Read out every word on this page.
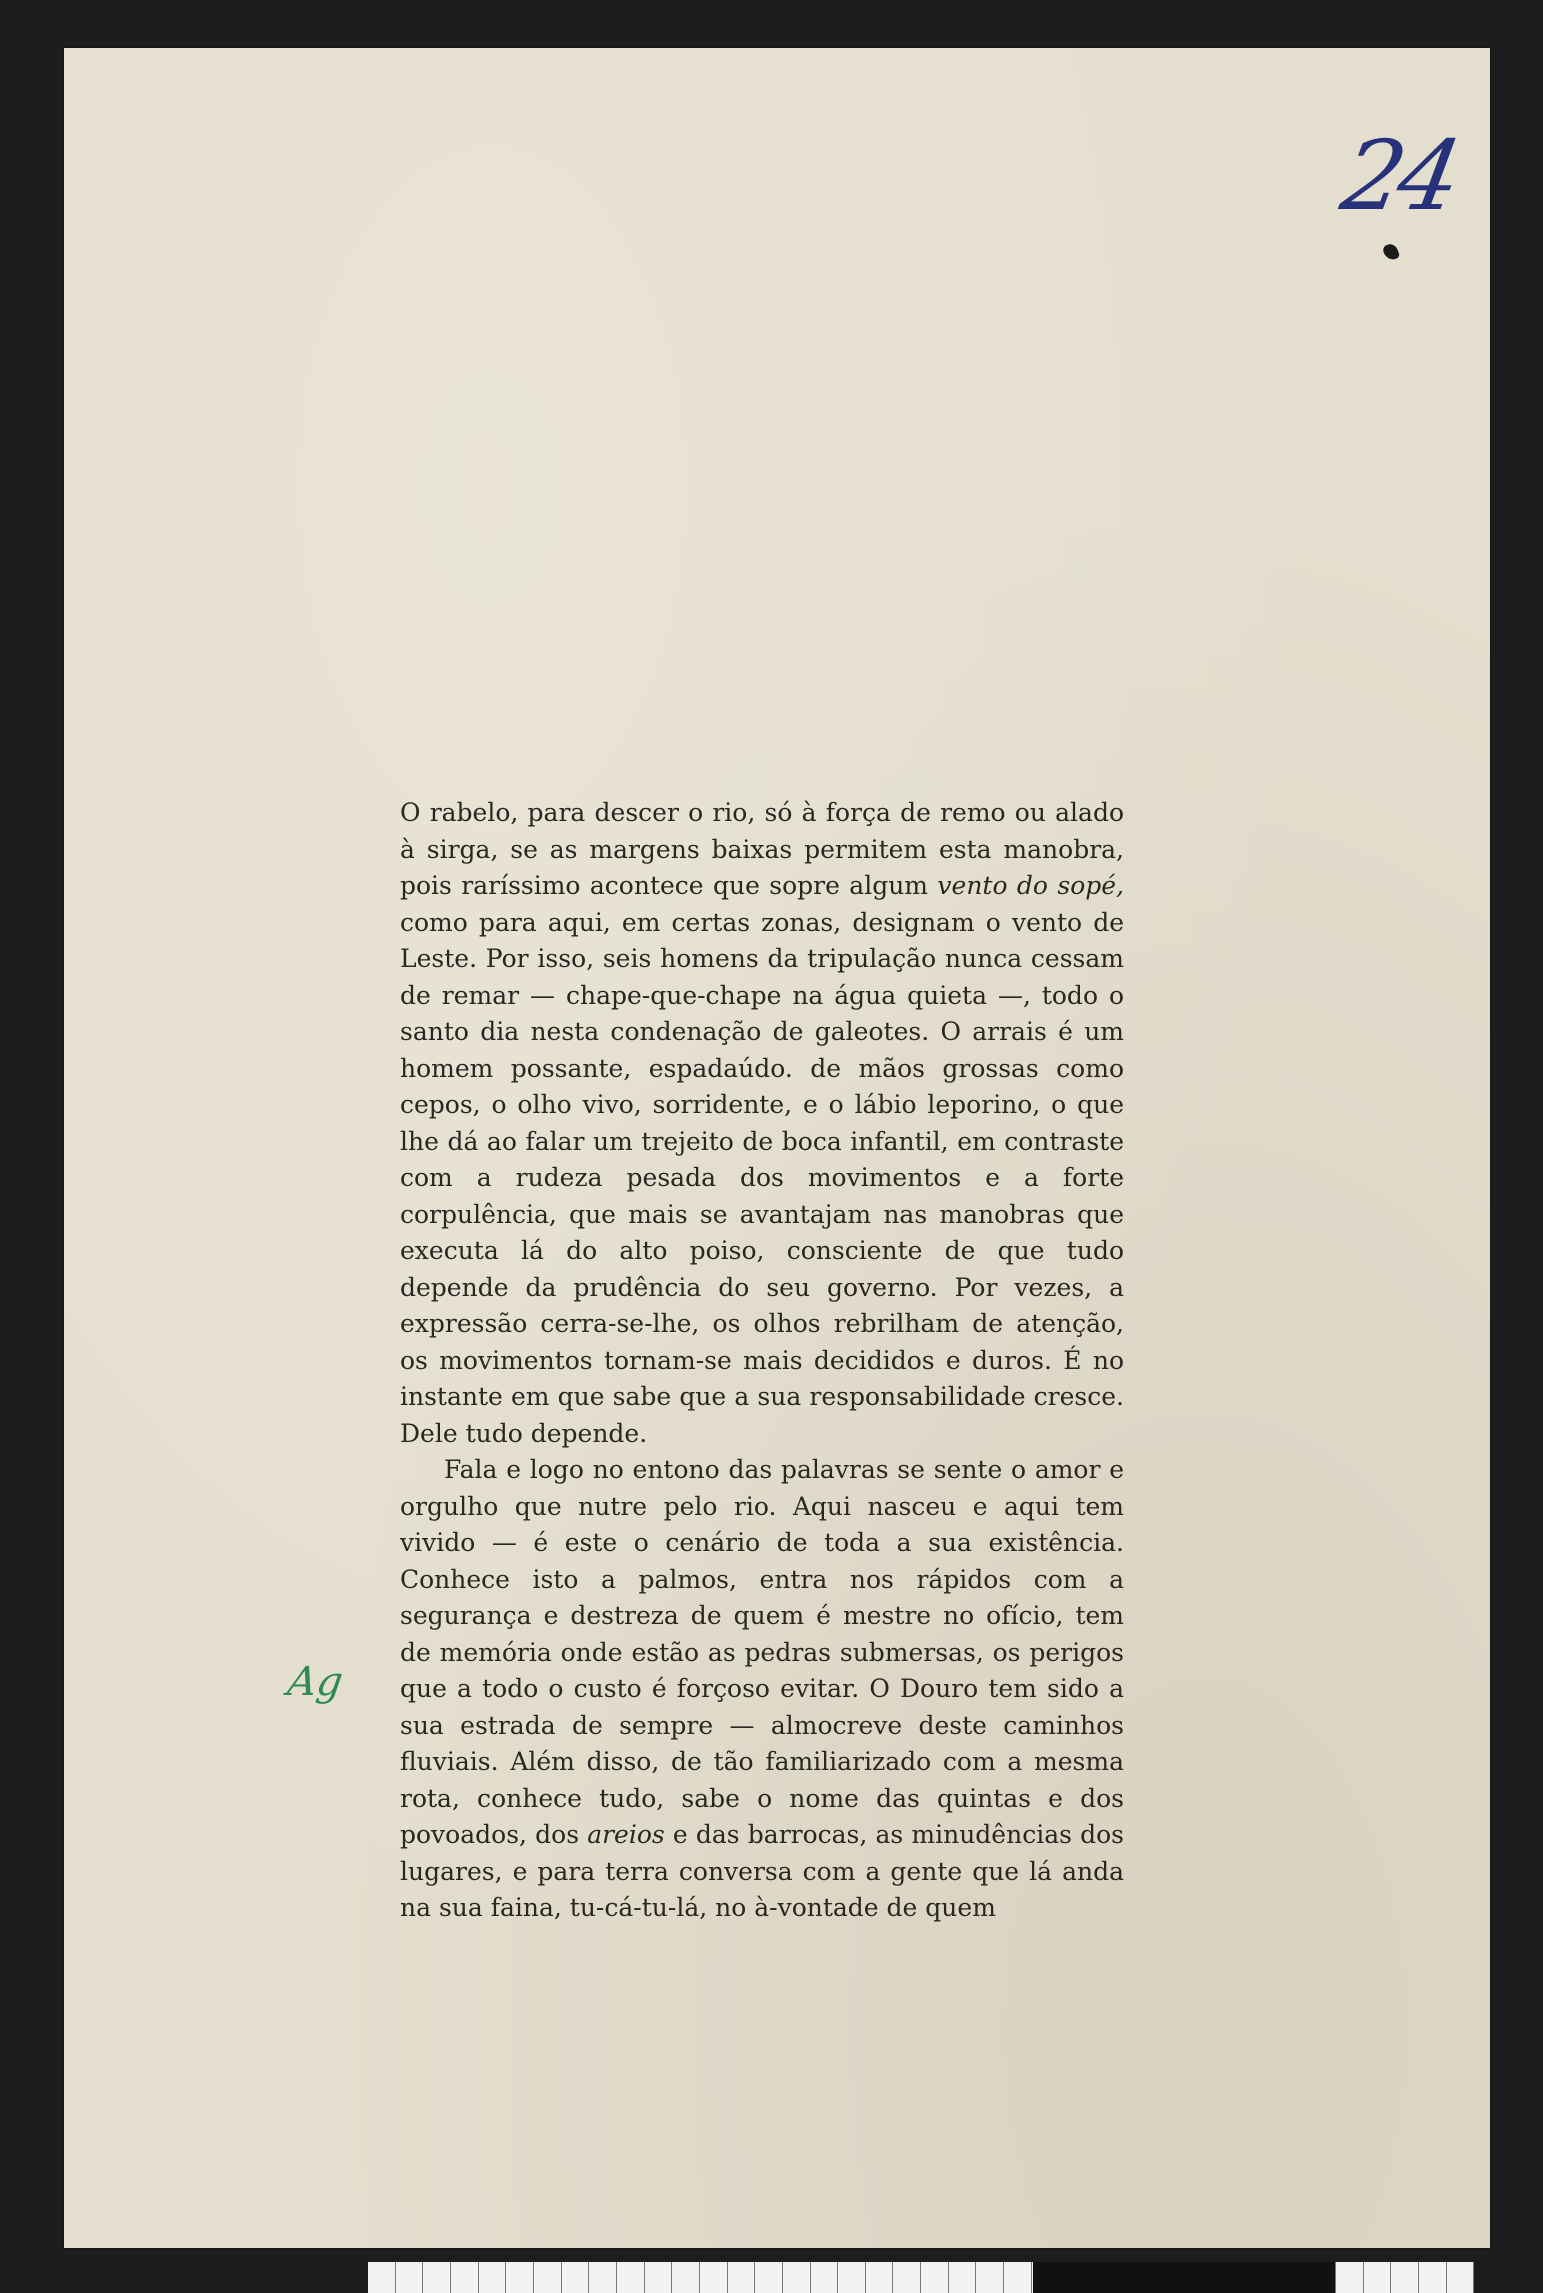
24
Ag

O rabelo, para descer o rio, só à força de remo ou alado à sirga, se as margens baixas permitem esta manobra, pois raríssimo acontece que sopre algum vento do sopé, como para aqui, em certas zonas, designam o vento de Leste. Por isso, seis homens da tripulação nunca cessam de remar — chape-que-chape na água quieta —, todo o santo dia nesta condenação de galeotes. O arrais é um homem possante, espadaúdo. de mãos grossas como cepos, o olho vivo, sorridente, e o lábio leporino, o que lhe dá ao falar um trejeito de boca infantil, em contraste com a rudeza pesada dos movimentos e a forte corpulência, que mais se avantajam nas manobras que executa lá do alto poiso, consciente de que tudo depende da prudência do seu governo. Por vezes, a expressão cerra-se-lhe, os olhos rebrilham de atenção, os movimentos tornam-se mais decididos e duros. É no instante em que sabe que a sua responsabilidade cresce. Dele tudo depende.

Fala e logo no entono das palavras se sente o amor e orgulho que nutre pelo rio. Aqui nasceu e aqui tem vivido — é este o cenário de toda a sua existência. Conhece isto a palmos, entra nos rápidos com a segurança e destreza de quem é mestre no ofício, tem de memória onde estão as pedras submersas, os perigos que a todo o custo é forçoso evitar. O Douro tem sido a sua estrada de sempre — almocreve deste caminhos fluviais. Além disso, de tão familiarizado com a mesma rota, conhece tudo, sabe o nome das quintas e dos povoados, dos areios e das barrocas, as minudências dos lugares, e para terra conversa com a gente que lá anda na sua faina, tu-cá-tu-lá, no à-vontade de quem
